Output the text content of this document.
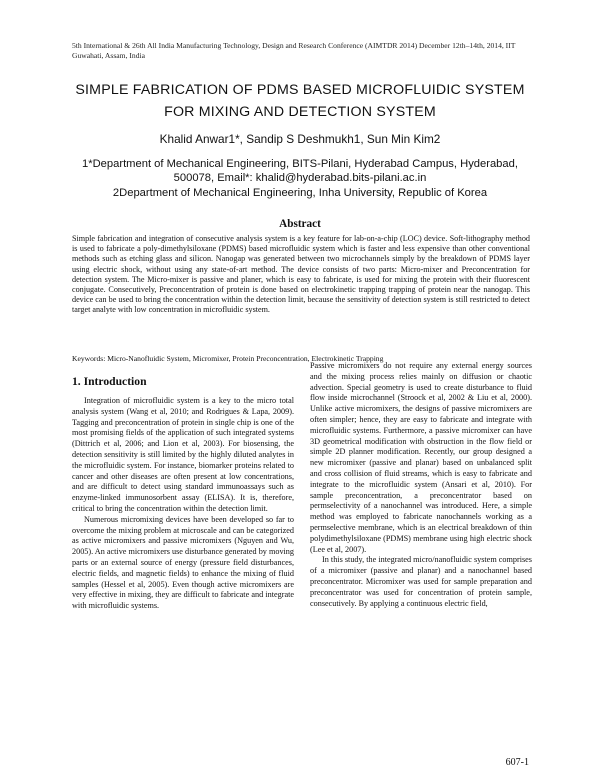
5th International & 26th All India Manufacturing Technology, Design and Research Conference (AIMTDR 2014) December 12th–14th, 2014, IIT
Guwahati, Assam, India
SIMPLE FABRICATION OF PDMS BASED MICROFLUIDIC SYSTEM
FOR MIXING AND DETECTION SYSTEM
Khalid Anwar1*, Sandip S Deshmukh1, Sun Min Kim2
1*Department of Mechanical Engineering, BITS-Pilani, Hyderabad Campus, Hyderabad,
500078, Email*: khalid@hyderabad.bits-pilani.ac.in
2Department of Mechanical Engineering, Inha University, Republic of Korea
Abstract
Simple fabrication and integration of consecutive analysis system is a key feature for lab-on-a-chip (LOC) device. Soft-lithography method is used to fabricate a poly-dimethylsiloxane (PDMS) based microfluidic system which is faster and less expensive than other conventional methods such as etching glass and silicon. Nanogap was generated between two microchannels simply by the breakdown of PDMS layer using electric shock, without using any state-of-art method. The device consists of two parts: Micro-mixer and Preconcentration for detection system. The Micro-mixer is passive and planer, which is easy to fabricate, is used for mixing the protein with their fluorescent conjugate. Consecutively, Preconcentration of protein is done based on electrokinetic trapping trapping of protein near the nanogap. This device can be used to bring the concentration within the detection limit, because the sensitivity of detection system is still restricted to detect target analyte with low concentration in microfluidic system.
Keywords: Micro-Nanofluidic System, Micromixer, Protein Preconcentration, Electrokinetic Trapping
1. Introduction

Integration of microfluidic system is a key to the micro total analysis system (Wang et al, 2010; and Rodrigues & Lapa, 2009). Tagging and preconcentration of protein in single chip is one of the most promising fields of the application of such integrated systems (Dittrich et al, 2006; and Lion et al, 2003). For biosensing, the detection sensitivity is still limited by the highly diluted analytes in the microfluidic system. For instance, biomarker proteins related to cancer and other diseases are often present at low concentrations, and are difficult to detect using standard immunoassays such as enzyme-linked immunosorbent assay (ELISA). It is, therefore, critical to bring the concentration within the detection limit.

Numerous micromixing devices have been developed so far to overcome the mixing problem at microscale and can be categorized as active micromixers and passive micromixers (Nguyen and Wu, 2005). An active micromixers use disturbance generated by moving parts or an external source of energy (pressure field disturbances, electric fields, and magnetic fields) to enhance the mixing of fluid samples (Hessel et al, 2005). Even though active micromixers are very effective in mixing, they are difficult to fabricate and integrate with microfluidic systems.

Passive micromixers do not require any external energy sources and the mixing process relies mainly on diffusion or chaotic advection. Special geometry is used to create disturbance to fluid flow inside microchannel (Stroock et al, 2002 & Liu et al, 2000). Unlike active micromixers, the designs of passive micromixers are often simpler; hence, they are easy to fabricate and integrate with microfluidic systems. Furthermore, a passive micromixer can have 3D geometrical modification with obstruction in the flow field or simple 2D planner modification. Recently, our group designed a new micromixer (passive and planar) based on unbalanced split and cross collision of fluid streams, which is easy to fabricate and integrate to the microfluidic system (Ansari et al, 2010). For sample preconcentration, a preconcentrator based on permselectivity of a nanochannel was introduced. Here, a simple method was employed to fabricate nanochannels working as a permselective membrane, which is an electrical breakdown of thin polydimethylsiloxane (PDMS) membrane using high electric shock (Lee et al, 2007).

In this study, the integrated micro/nanofluidic system comprises of a micromixer (passive and planar) and a nanochannel based preconcentrator. Micromixer was used for sample preparation and preconcentrator was used for concentration of protein sample, consecutively. By applying a continuous electric field,

607-1
